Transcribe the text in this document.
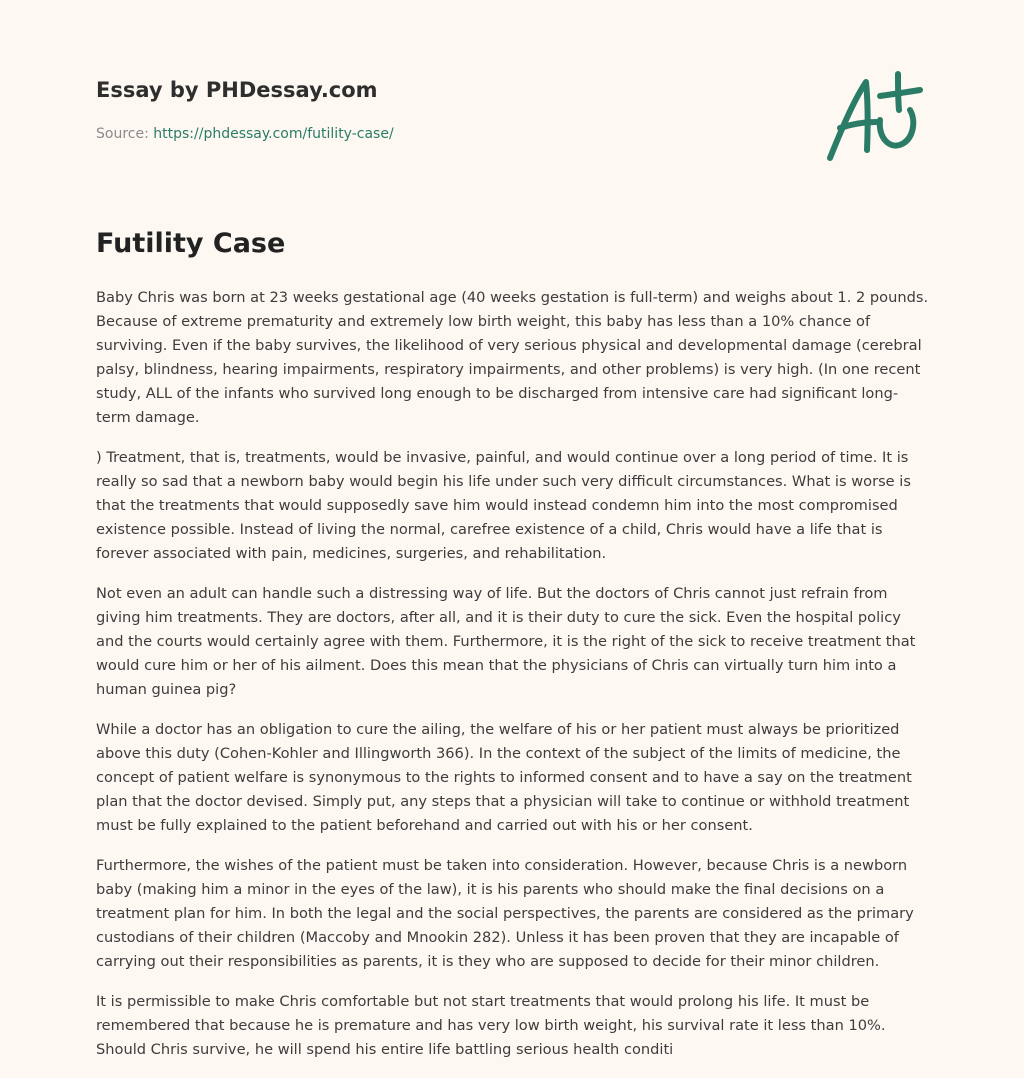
Essay by PHDessay.com
Source: https://phdessay.com/futility-case/
Futility Case

Baby Chris was born at 23 weeks gestational age (40 weeks gestation is full-term) and weighs about 1. 2 pounds. Because of extreme prematurity and extremely low birth weight, this baby has less than a 10% chance of surviving. Even if the baby survives, the likelihood of very serious physical and developmental damage (cerebral palsy, blindness, hearing impairments, respiratory impairments, and other problems) is very high. (In one recent study, ALL of the infants who survived long enough to be discharged from intensive care had significant long-term damage.

) Treatment, that is, treatments, would be invasive, painful, and would continue over a long period of time. It is really so sad that a newborn baby would begin his life under such very difficult circumstances. What is worse is that the treatments that would supposedly save him would instead condemn him into the most compromised existence possible. Instead of living the normal, carefree existence of a child, Chris would have a life that is forever associated with pain, medicines, surgeries, and rehabilitation.

Not even an adult can handle such a distressing way of life. But the doctors of Chris cannot just refrain from giving him treatments. They are doctors, after all, and it is their duty to cure the sick. Even the hospital policy and the courts would certainly agree with them. Furthermore, it is the right of the sick to receive treatment that would cure him or her of his ailment. Does this mean that the physicians of Chris can virtually turn him into a human guinea pig?

While a doctor has an obligation to cure the ailing, the welfare of his or her patient must always be prioritized above this duty (Cohen-Kohler and Illingworth 366). In the context of the subject of the limits of medicine, the concept of patient welfare is synonymous to the rights to informed consent and to have a say on the treatment plan that the doctor devised. Simply put, any steps that a physician will take to continue or withhold treatment must be fully explained to the patient beforehand and carried out with his or her consent.

Furthermore, the wishes of the patient must be taken into consideration. However, because Chris is a newborn baby (making him a minor in the eyes of the law), it is his parents who should make the final decisions on a treatment plan for him. In both the legal and the social perspectives, the parents are considered as the primary custodians of their children (Maccoby and Mnookin 282). Unless it has been proven that they are incapable of carrying out their responsibilities as parents, it is they who are supposed to decide for their minor children.

It is permissible to make Chris comfortable but not start treatments that would prolong his life. It must be remembered that because he is premature and has very low birth weight, his survival rate it less than 10%. Should Chris survive, he will spend his entire life battling serious health conditi
